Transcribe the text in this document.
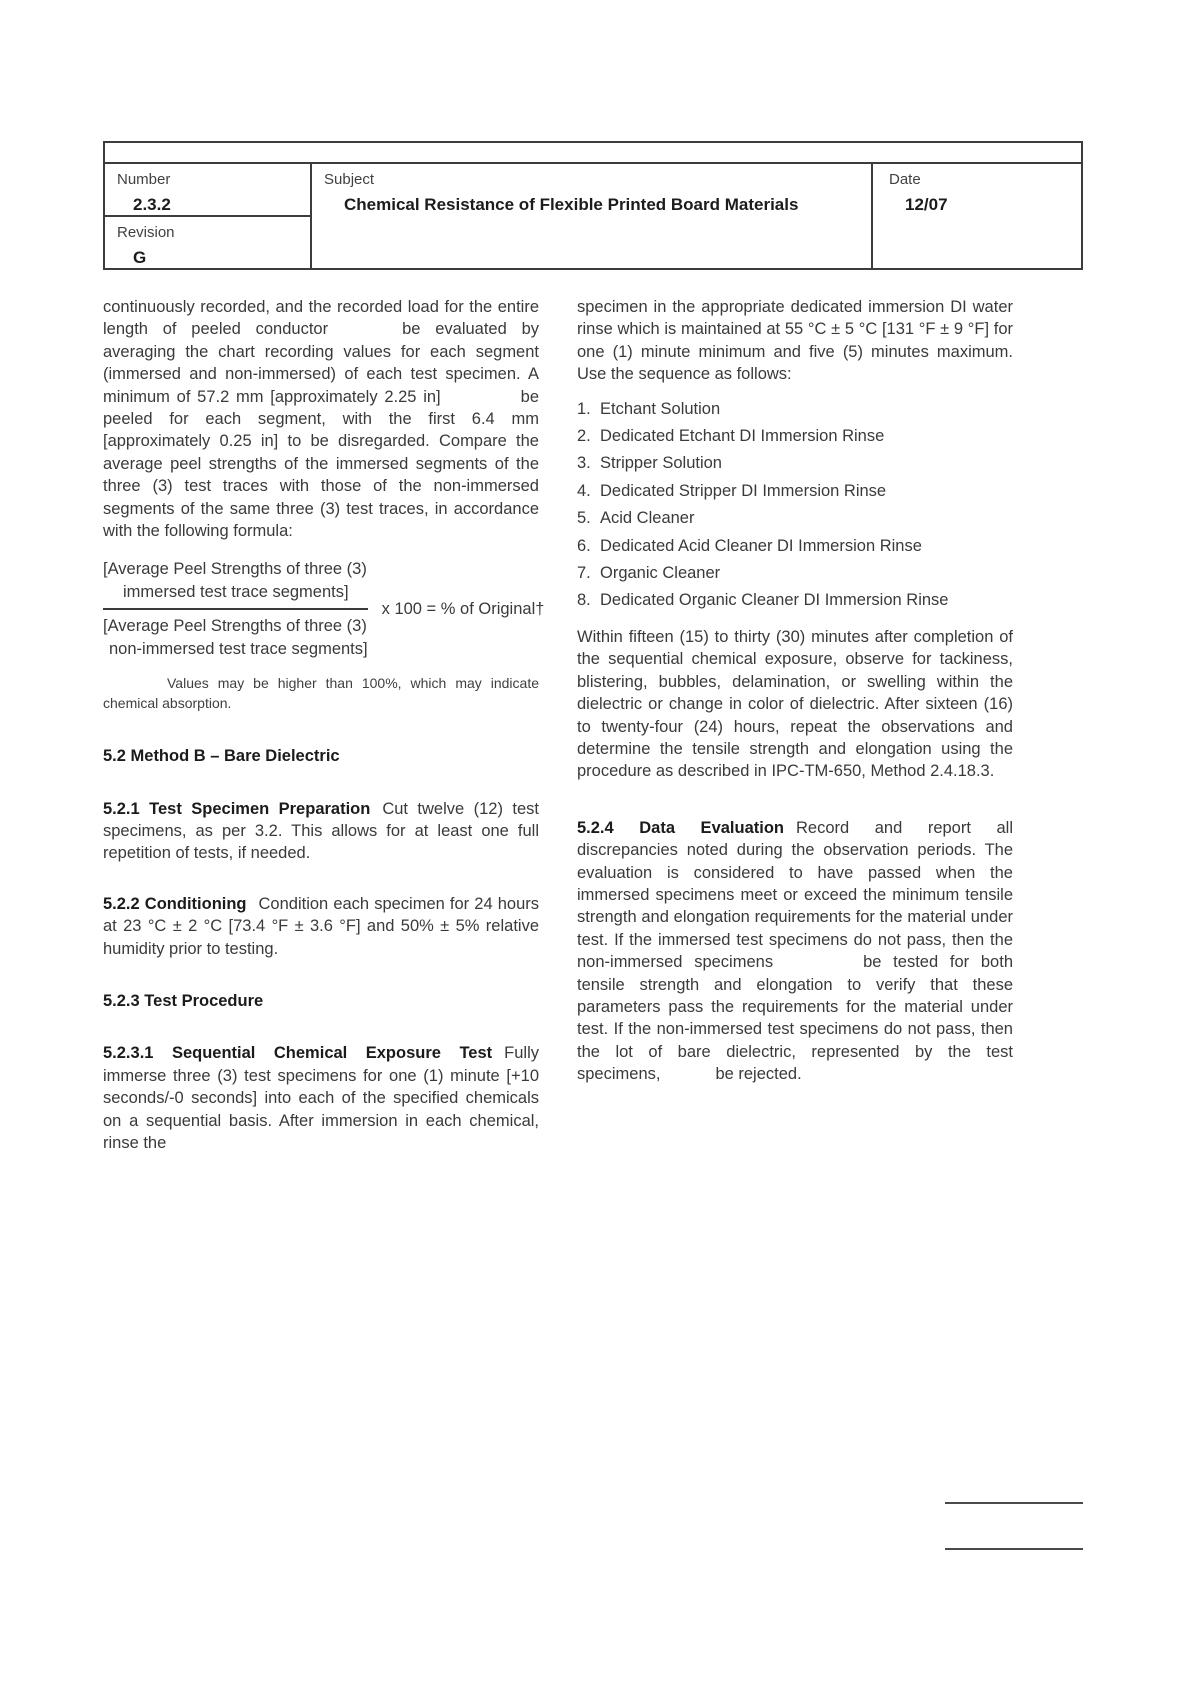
Number
2.3.2
Revision
G
Subject
Chemical Resistance of Flexible Printed Board Materials
Date
12/07

continuously recorded, and the recorded load for the entire length of peeled conductor	be evaluated by averaging the chart recording values for each segment (immersed and non-immersed) of each test specimen. A minimum of 57.2 mm [approximately 2.25 in]	be peeled for each segment, with the first 6.4 mm [approximately 0.25 in] to be disregarded. Compare the average peel strengths of the immersed segments of the three (3) test traces with those of the non-immersed segments of the same three (3) test traces, in accordance with the following formula:

[Average Peel Strengths of three (3)
immersed test trace segments]
[Average Peel Strengths of three (3)
non-immersed test trace segments]
x 100 = % of Original†

Values may be higher than 100%, which may indicate chemical absorption.

5.2 Method B – Bare Dielectric

5.2.1 Test Specimen Preparation Cut twelve (12) test specimens, as per 3.2. This allows for at least one full repetition of tests, if needed.

5.2.2 Conditioning Condition each specimen for 24 hours at 23 °C ± 2 °C [73.4 °F ± 3.6 °F] and 50% ± 5% relative humidity prior to testing.

5.2.3 Test Procedure

5.2.3.1 Sequential Chemical Exposure Test Fully immerse three (3) test specimens for one (1) minute [+10 seconds/-0 seconds] into each of the specified chemicals on a sequential basis. After immersion in each chemical, rinse the

specimen in the appropriate dedicated immersion DI water rinse which is maintained at 55 °C ± 5 °C [131 °F ± 9 °F] for one (1) minute minimum and five (5) minutes maximum. Use the sequence as follows:

1. Etchant Solution
2. Dedicated Etchant DI Immersion Rinse
3. Stripper Solution
4. Dedicated Stripper DI Immersion Rinse
5. Acid Cleaner
6. Dedicated Acid Cleaner DI Immersion Rinse
7. Organic Cleaner
8. Dedicated Organic Cleaner DI Immersion Rinse

Within fifteen (15) to thirty (30) minutes after completion of the sequential chemical exposure, observe for tackiness, blistering, bubbles, delamination, or swelling within the dielectric or change in color of dielectric. After sixteen (16) to twenty-four (24) hours, repeat the observations and determine the tensile strength and elongation using the procedure as described in IPC-TM-650, Method 2.4.18.3.

5.2.4 Data Evaluation Record and report all discrepancies noted during the observation periods. The evaluation is considered to have passed when the immersed specimens meet or exceed the minimum tensile strength and elongation requirements for the material under test. If the immersed test specimens do not pass, then the non-immersed specimens	be tested for both tensile strength and elongation to verify that these parameters pass the requirements for the material under test. If the non-immersed test specimens do not pass, then the lot of bare dielectric, represented by the test specimens,	be rejected.
